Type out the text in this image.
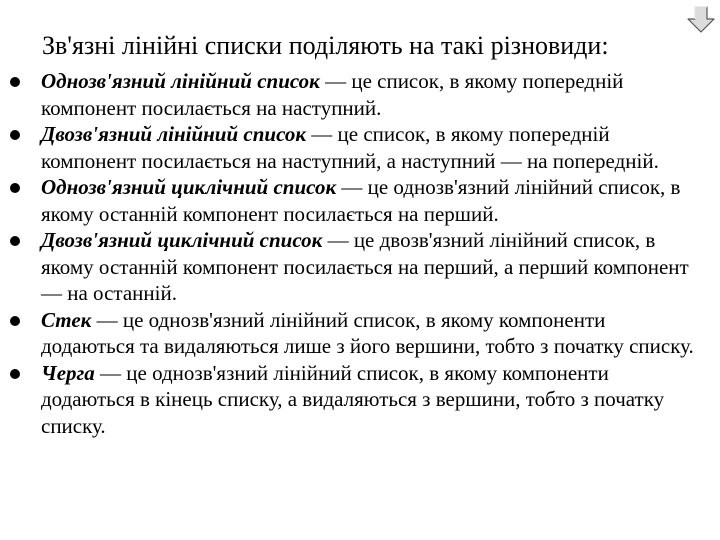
Зв'язні лінійні списки поділяють на такі різновиди:
Однозв'язний лінійний список — це список, в якому попередній компонент посилається на наступний.
Двозв'язний лінійний список — це список, в якому попередній компонент посилається на наступний, а наступний — на попередній.
Однозв'язний циклічний список — це однозв'язний лінійний список, в якому останній компонент посилається на перший.
Двозв'язний циклічний список — це двозв'язний лінійний список, в якому останній компонент посилається на перший, а перший компонент — на останній.
Стек — це однозв'язний лінійний список, в якому компоненти додаються та видаляються лише з його вершини, тобто з початку списку.
Черга — це однозв'язний лінійний список, в якому компоненти додаються в кінець списку, а видаляються з вершини, тобто з початку списку.
